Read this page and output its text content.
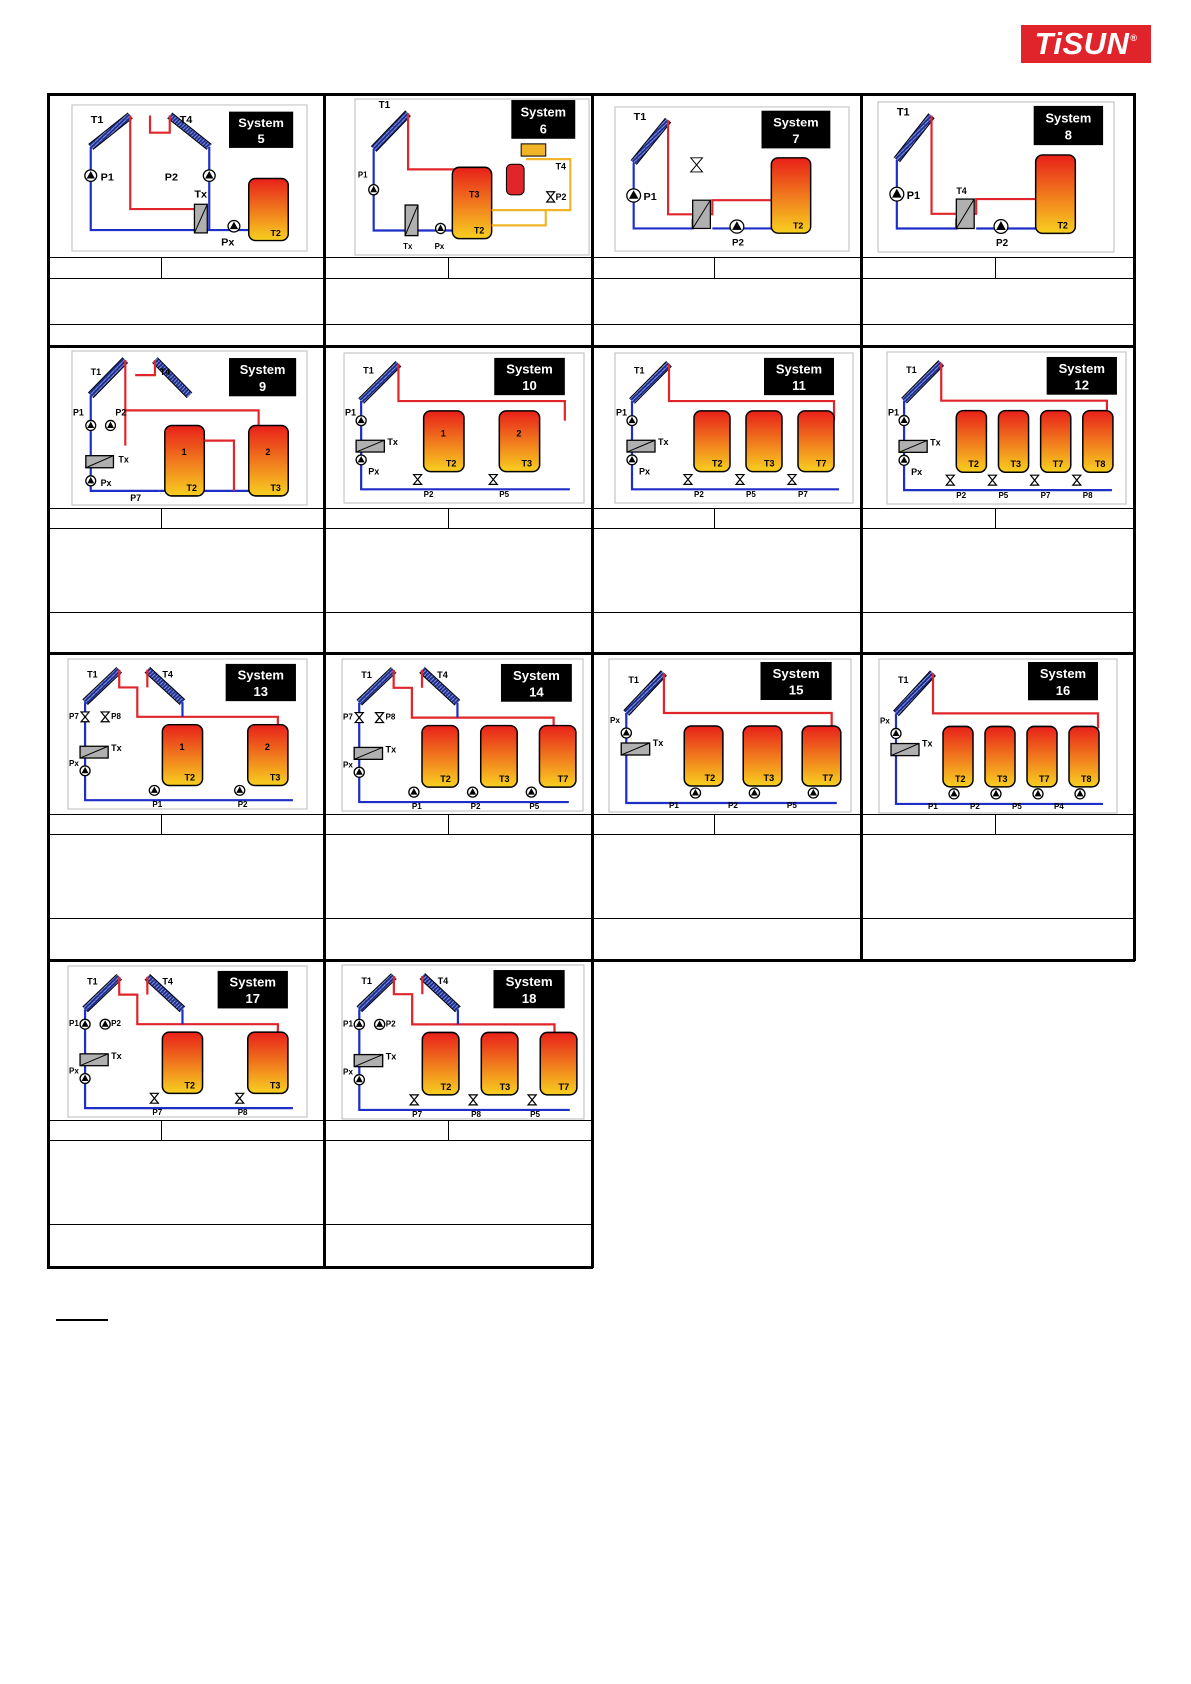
TiSUN®
T2
T1	T4
P1	P2
Tx
Px
System
5
T3
T2
T1
P1
Tx	Px
T4
P2
System
6
T2
T1
P1
P2
System
7
T2
T1
P1
P2
T4
System
8
1
T2
2
T3
T1	T4
P1	P2
Tx
Px
P7
System
9
T1
P1
Tx
Px
1
T2
P2
2
T3
P5
System
10
T1
P1
Tx
Px
T2
P2
T3
P5
T7
P7
System
11
T1
P1
Tx
Px
T2
P2
T3
P5
T7
P7
T8
P8
System
12
T1	T4
P7	P8
Px
Tx	1
T2
P1
2
T3
P2
System
13
T1	T4
P7	P8
Px
Tx
T2
P1
T3
P2
T7
P5
System
14
T1
Px
Tx
T2
P1
T3
P2
T7
P5
System
15
T1
Px
Tx
T2
P1
T3
P2
T7
P5
T8
P4
System
16
T1	T4
P1	P2
Px
Tx
T2
P7
T3
P8
System
17
T1	T4
P1	P2
Px
Tx
T2
P7
T3
P8
T7
P5
System
18
